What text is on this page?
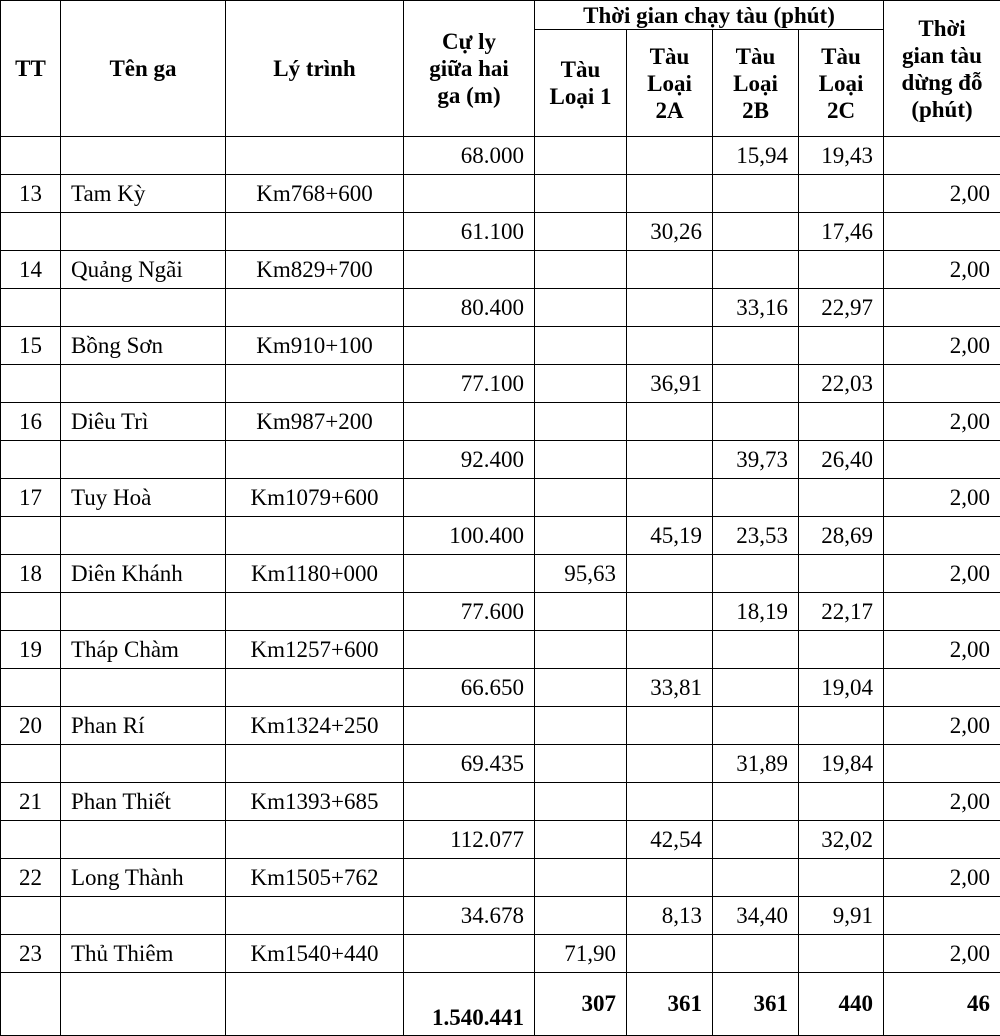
TT	Tên ga	Lý trình	Cự ly giữa hai ga (m)	Thời gian chạy tàu (phút)				Thời gian tàu dừng đỗ (phút)
				Tàu Loại 1	Tàu Loại 2A	Tàu Loại 2B	Tàu Loại 2C	
			68.000			15,94	19,43	
13	Tam Kỳ	Km768+600						2,00
			61.100		30,26		17,46	
14	Quảng Ngãi	Km829+700						2,00
			80.400			33,16	22,97	
15	Bồng Sơn	Km910+100						2,00
			77.100		36,91		22,03	
16	Diêu Trì	Km987+200						2,00
			92.400			39,73	26,40	
17	Tuy Hoà	Km1079+600						2,00
			100.400		45,19	23,53	28,69	
18	Diên Khánh	Km1180+000		95,63				2,00
			77.600			18,19	22,17	
19	Tháp Chàm	Km1257+600						2,00
			66.650		33,81		19,04	
20	Phan Rí	Km1324+250						2,00
			69.435			31,89	19,84	
21	Phan Thiết	Km1393+685						2,00
			112.077		42,54		32,02	
22	Long Thành	Km1505+762						2,00
			34.678		8,13	34,40	9,91	
23	Thủ Thiêm	Km1540+440		71,90				2,00
			1.540.441	307	361	361	440	46
